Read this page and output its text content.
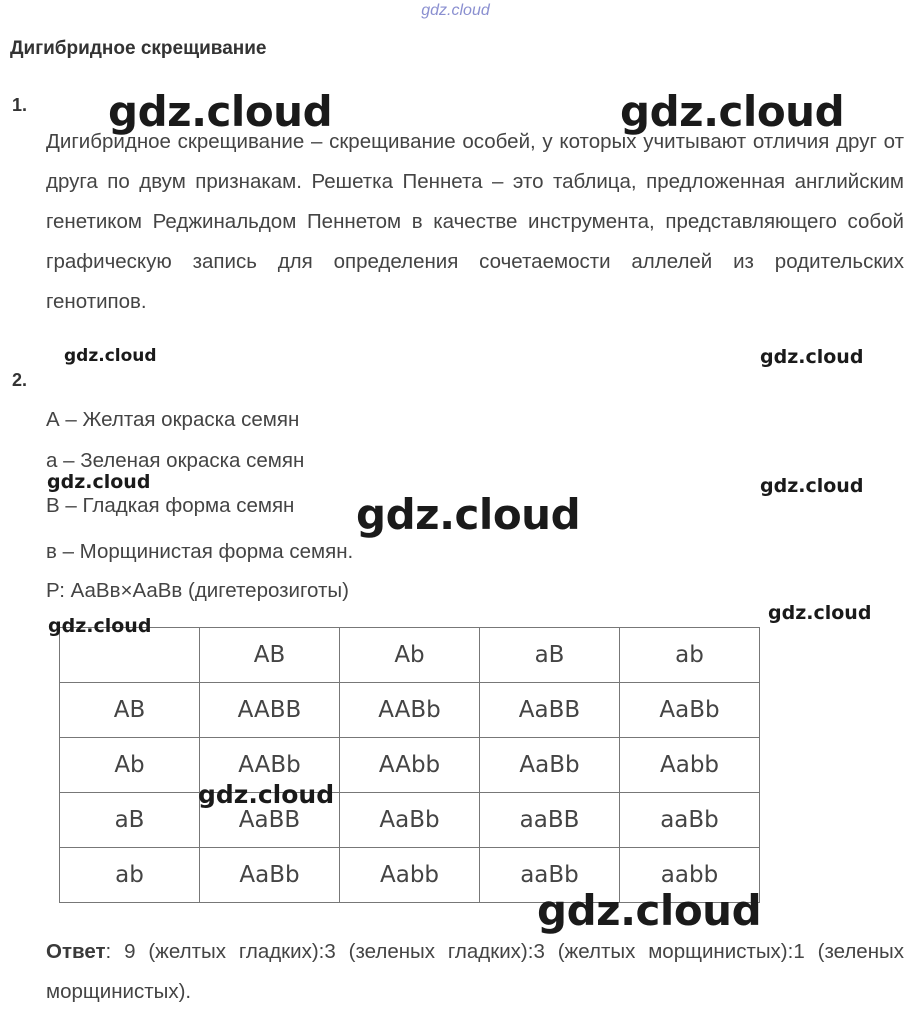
gdz.cloud
Дигибридное скрещивание
1.
Дигибридное скрещивание – скрещивание особей, у которых учитывают отличия друг от друга по двум признакам. Решетка Пеннета – это таблица, предложенная английским генетиком Реджинальдом Пеннетом в качестве инструмента, представляющего собой графическую запись для определения сочетаемости аллелей из родительских генотипов.
2.
А – Желтая окраска семян
а – Зеленая окраска семян
В – Гладкая форма семян
в – Морщинистая форма семян.
Р: АаВв×АаВв (дигетерозиготы)
	AB	Ab	aB	ab
AB	AABB	AABb	AaBB	AaBb
Ab	AABb	AAbb	AaBb	Aabb
aB	AaBB	AaBb	aaBB	aaBb
ab	AaBb	Aabb	aaBb	aabb
Ответ: 9 (желтых гладких):3 (зеленых гладких):3 (желтых морщинистых):1 (зеленых морщинистых).
gdz.cloud	gdz.cloud
gdz.cloud	gdz.cloud
gdz.cloud	gdz.cloud
gdz.cloud
gdz.cloud
gdz.cloud
gdz.cloud
gdz.cloud
